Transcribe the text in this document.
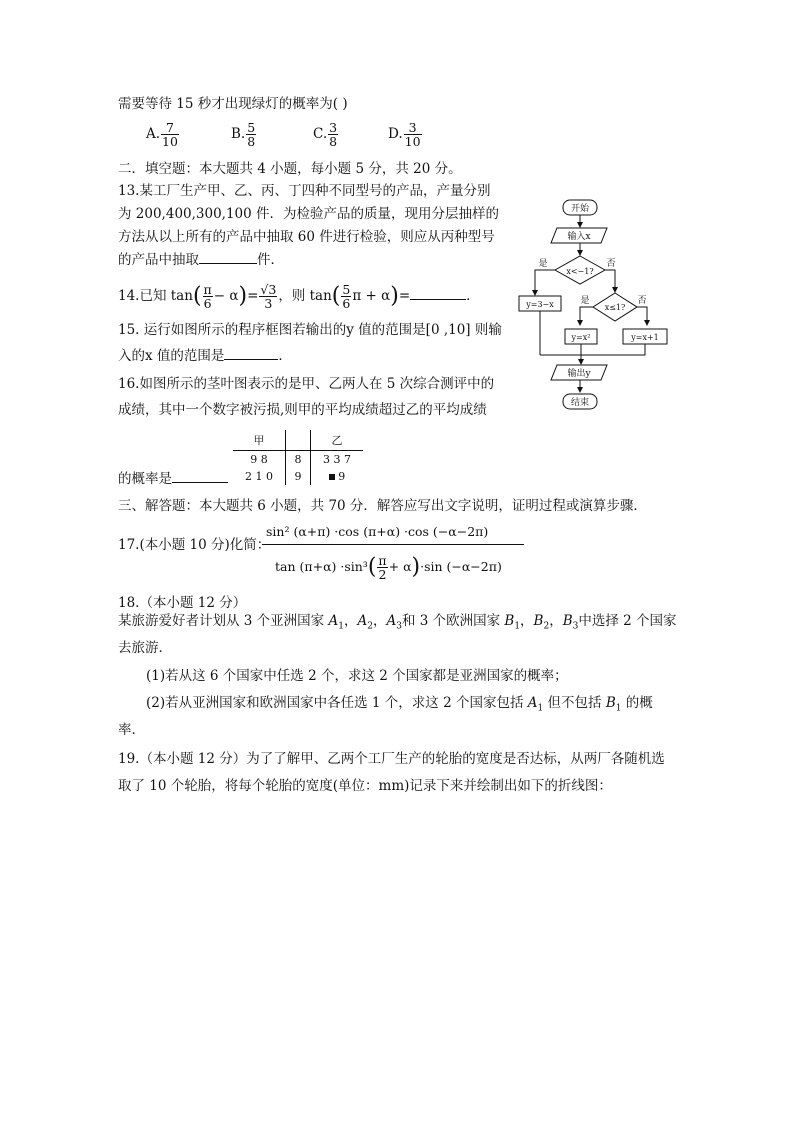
需要等待 15 秒才出现绿灯的概率为( )
A. $\frac{7}{10}$	B. $\frac{5}{8}$	C. $\frac{3}{8}$	D. $\frac{3}{10}$
二．填空题：本大题共 4 小题，每小题 5 分，共 20 分。
13.某工厂生产甲、乙、丙、丁四种不同型号的产品，产量分别
为 200,400,300,100 件．为检验产品的质量，现用分层抽样的
方法从以上所有的产品中抽取 60 件进行检验，则应从丙种型号
的产品中抽取	件．
14.已知 $\tan( \frac{\pi}{6} - \alpha)= \frac{√3}{3}$ ，则 $\tan( \frac{5}{6}$ π + α)=	．
15. 运行如图所示的程序框图若输出的y 值的范围是[0 ,10] 则输
入的x 值的范围是	．
16.如图所示的茎叶图表示的是甲、乙两人在 5 次综合测评中的
成绩，其中一个数字被污损,则甲的平均成绩超过乙的平均成绩
甲		乙
9 8	8	3 3 7
2 1 0	9	9
的概率是
三、解答题：本大题共 6 小题，共 70 分．解答应写出文字说明，证明过程或演算步骤．
17.(本小题 10 分)化简：
sin² (α+π) ·cos (π+α) ·cos (−α−2π)
$\tan (\pi+\alpha) \cdot\sin^3( \frac{\pi}{2} + \alpha)\cdot\sin$ (−α−2π)
18.（本小题 12 分）
某旅游爱好者计划从 3 个亚洲国家 $A_1$，$A_2$，$A_3$和 3 个欧洲国家 $B_1$，$B_2$，$B_3$中选择 2 个国家
去旅游．
(1)若从这 6 个国家中任选 2 个，求这 2 个国家都是亚洲国家的概率；
(2)若从亚洲国家和欧洲国家中各任选 1 个，求这 2 个国家包括 $A_1$ 但不包括 $B_1$ 的概
率．
19.（本小题 12 分）为了了解甲、乙两个工厂生产的轮胎的宽度是否达标，从两厂各随机选
取了 10 个轮胎，将每个轮胎的宽度(单位：mm)记录下来并绘制出如下的折线图：
开始
输入x
x<−1?
是	否
y=3−x	x≤1?
是	否
y=x²	y=x+1
输出y
结束
